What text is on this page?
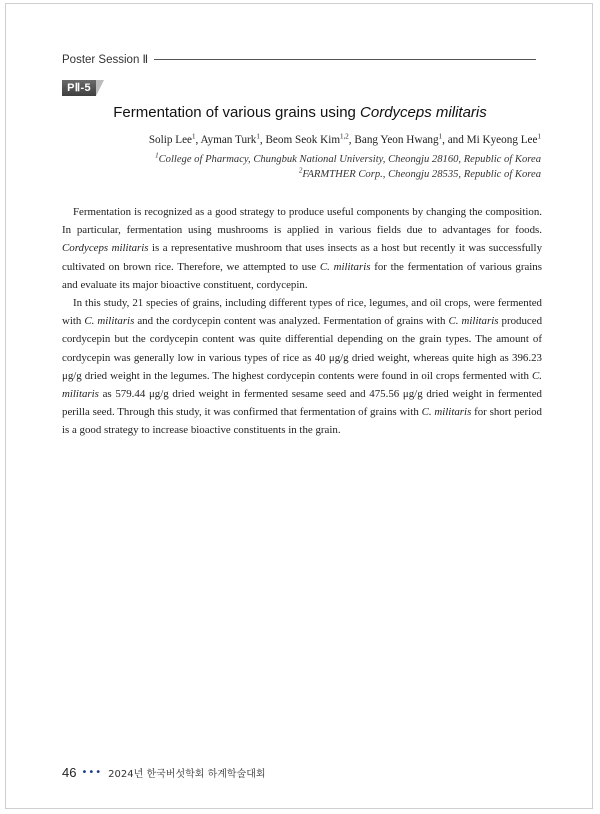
Poster Session Ⅱ
PⅡ-5
Fermentation of various grains using Cordyceps militaris
Solip Lee$^1$, Ayman Turk$^1$, Beom Seok Kim$^{1,2}$, Bang Yeon Hwang$^1$, and Mi Kyeong Lee$^1$
$^1$College of Pharmacy, Chungbuk National University, Cheongju 28160, Republic of Korea
$^2$FARMTHER Corp., Cheongju 28535, Republic of Korea

Fermentation is recognized as a good strategy to produce useful components by changing the composition. In particular, fermentation using mushrooms is applied in various fields due to advantages for foods. Cordyceps militaris is a representative mushroom that uses insects as a host but recently it was successfully cultivated on brown rice. Therefore, we attempted to use C. militaris for the fermentation of various grains and evaluate its major bioactive constituent, cordycepin.

In this study, 21 species of grains, including different types of rice, legumes, and oil crops, were fermented with C. militaris and the cordycepin content was analyzed. Fermentation of grains with C. militaris produced cordycepin but the cordycepin content was quite differential depending on the grain types. The amount of cordycepin was generally low in various types of rice as 40 μg/g dried weight, whereas quite high as 396.23 μg/g dried weight in the legumes. The highest cordycepin contents were found in oil crops fermented with C. militaris as 579.44 μg/g dried weight in fermented sesame seed and 475.56 μg/g dried weight in fermented perilla seed. Through this study, it was confirmed that fermentation of grains with C. militaris for short period is a good strategy to increase bioactive constituents in the grain.

46 ••• 2024년 한국버섯학회 하계학술대회
